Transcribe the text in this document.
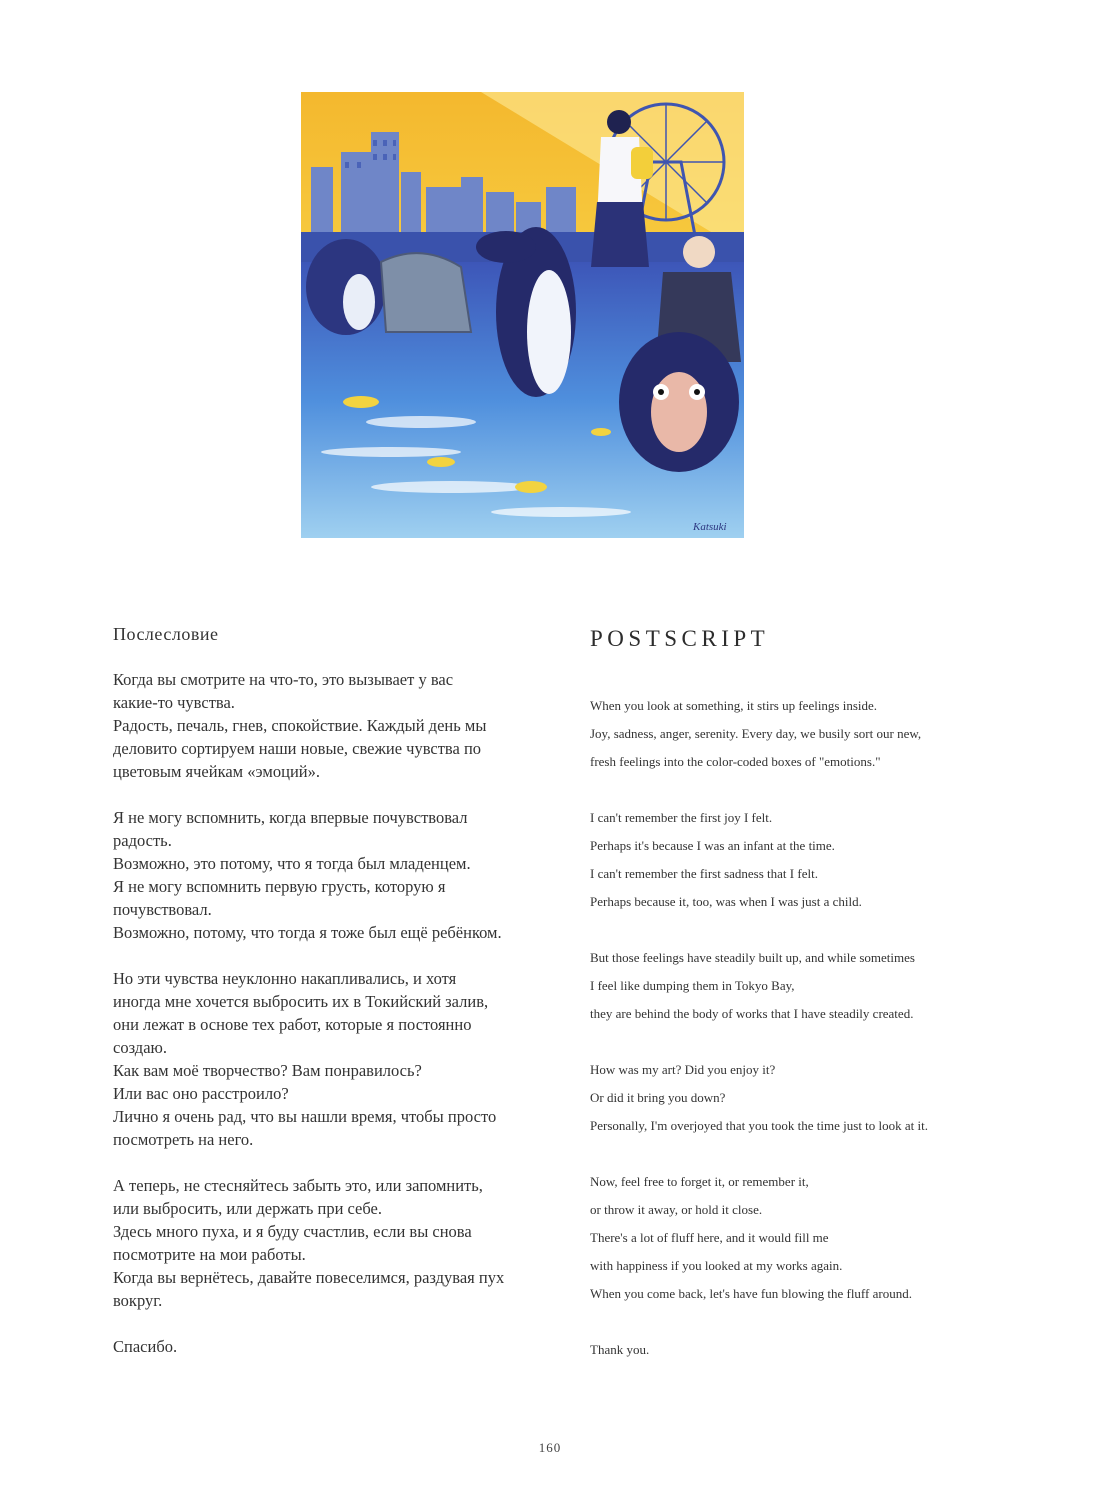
Katsuki
Послесловие
Когда вы смотрите на что-то, это вызывает у вас
какие-то чувства.
Радость, печаль, гнев, спокойствие. Каждый день мы
деловито сортируем наши новые, свежие чувства по
цветовым ячейкам «эмоций».
Я не могу вспомнить, когда впервые почувствовал
радость.
Возможно, это потому, что я тогда был младенцем.
Я не могу вспомнить первую грусть, которую я
почувствовал.
Возможно, потому, что тогда я тоже был ещё ребёнком.
Но эти чувства неуклонно накапливались, и хотя
иногда мне хочется выбросить их в Токийский залив,
они лежат в основе тех работ, которые я постоянно
создаю.
Как вам моё творчество? Вам понравилось?
Или вас оно расстроило?
Лично я очень рад, что вы нашли время, чтобы просто
посмотреть на него.
А теперь, не стесняйтесь забыть это, или запомнить,
или выбросить, или держать при себе.
Здесь много пуха, и я буду счастлив, если вы снова
посмотрите на мои работы.
Когда вы вернётесь, давайте повеселимся, раздувая пух
вокруг.
Спасибо.
POSTSCRIPT
When you look at something, it stirs up feelings inside.
Joy, sadness, anger, serenity. Every day, we busily sort our new,
fresh feelings into the color-coded boxes of "emotions."
I can't remember the first joy I felt.
Perhaps it's because I was an infant at the time.
I can't remember the first sadness that I felt.
Perhaps because it, too, was when I was just a child.
But those feelings have steadily built up, and while sometimes
I feel like dumping them in Tokyo Bay,
they are behind the body of works that I have steadily created.
How was my art? Did you enjoy it?
Or did it bring you down?
Personally, I'm overjoyed that you took the time just to look at it.
Now, feel free to forget it, or remember it,
or throw it away, or hold it close.
There's a lot of fluff here, and it would fill me
with happiness if you looked at my works again.
When you come back, let's have fun blowing the fluff around.
Thank you.
160
